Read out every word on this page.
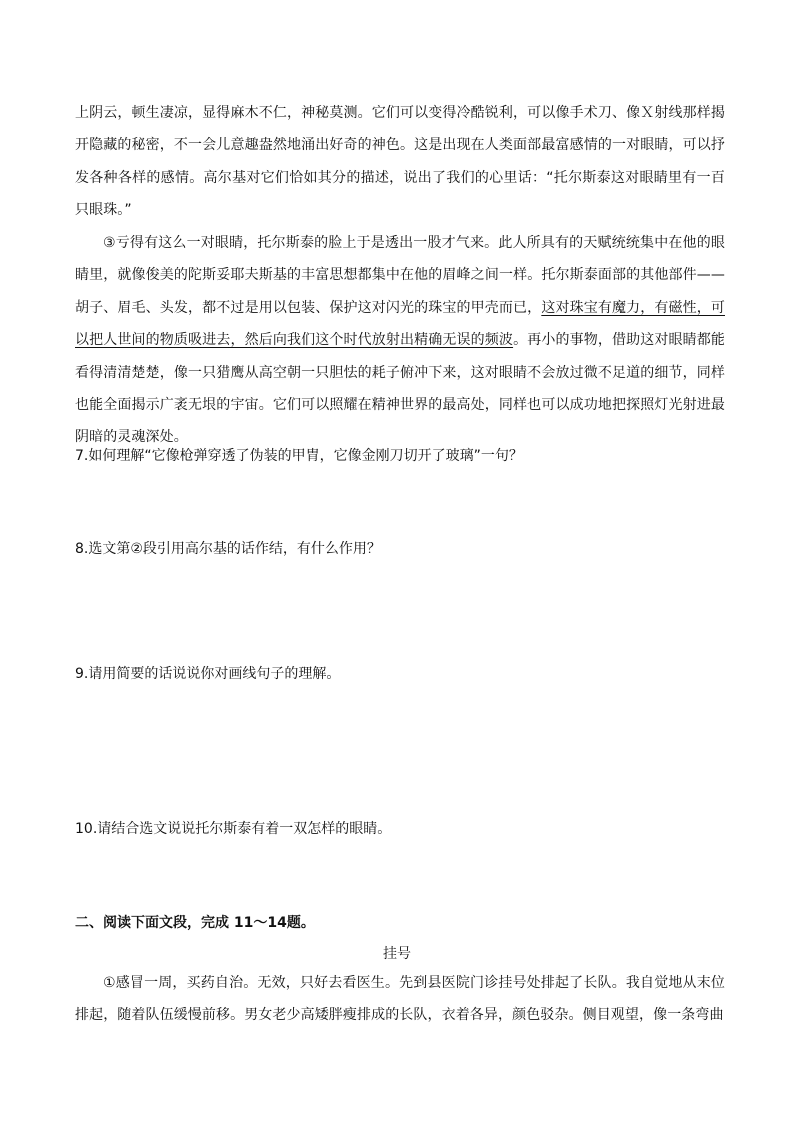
上阴云，顿生凄凉，显得麻木不仁，神秘莫测。它们可以变得冷酷锐利，可以像手术刀、像Ｘ射线那样揭开隐藏的秘密，不一会儿意趣盎然地涌出好奇的神色。这是出现在人类面部最富感情的一对眼睛，可以抒发各种各样的感情。高尔基对它们恰如其分的描述，说出了我们的心里话：“托尔斯泰这对眼睛里有一百只眼珠。”

③亏得有这么一对眼睛，托尔斯泰的脸上于是透出一股才气来。此人所具有的天赋统统集中在他的眼睛里，就像俊美的陀斯妥耶夫斯基的丰富思想都集中在他的眉峰之间一样。托尔斯泰面部的其他部件——胡子、眉毛、头发，都不过是用以包装、保护这对闪光的珠宝的甲壳而已，这对珠宝有魔力，有磁性，可以把人世间的物质吸进去，然后向我们这个时代放射出精确无误的频波。再小的事物，借助这对眼睛都能看得清清楚楚，像一只猎鹰从高空朝一只胆怯的耗子俯冲下来，这对眼睛不会放过微不足道的细节，同样也能全面揭示广袤无垠的宇宙。它们可以照耀在精神世界的最高处，同样也可以成功地把探照灯光射进最阴暗的灵魂深处。

7.如何理解“它像枪弹穿透了伪装的甲胄，它像金刚刀切开了玻璃”一句？

8.选文第②段引用高尔基的话作结，有什么作用？

9.请用简要的话说说你对画线句子的理解。

10.请结合选文说说托尔斯泰有着一双怎样的眼睛。

二、阅读下面文段，完成 11～14题。

挂号

①感冒一周，买药自治。无效，只好去看医生。先到县医院门诊挂号处排起了长队。我自觉地从末位排起，随着队伍缓慢前移。男女老少高矮胖瘦排成的长队，衣着各异，颜色驳杂。侧目观望，像一条弯曲
